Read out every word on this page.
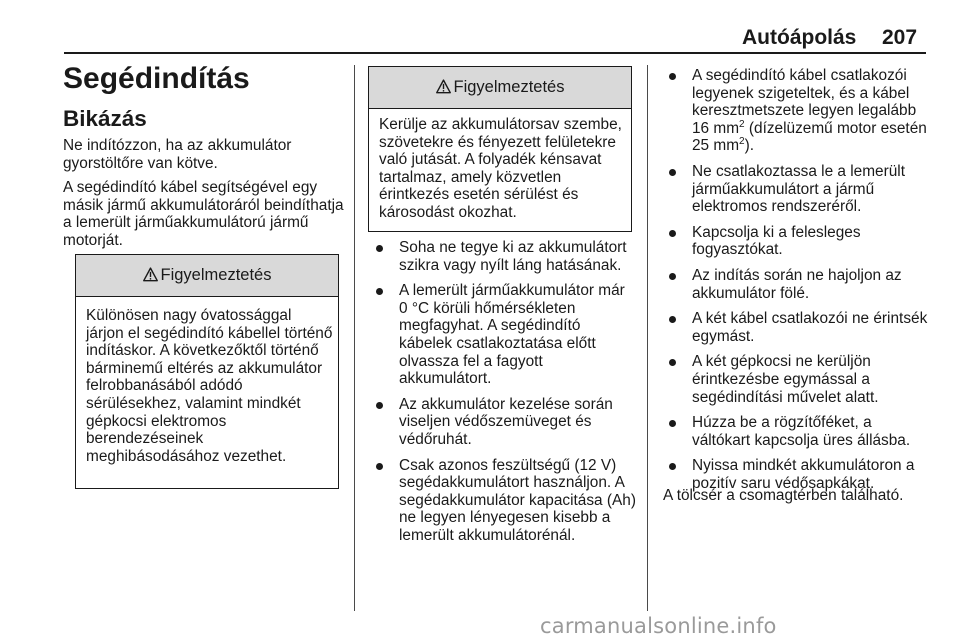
Autóápolás 207
Segédindítás
Bikázás

Ne indítózzon, ha az akkumulátor gyorstöltőre van kötve.

A segédindító kábel segítségével egy másik jármű akkumulátoráról beindíthatja a lemerült járműakkumulátorú jármű motorját.

Figyelmeztetés

Különösen nagy óvatossággal járjon el segédindító kábellel történő indításkor. A következőktől történő bárminemű eltérés az akkumulátor felrobbanásából adódó sérülésekhez, valamint mindkét gépkocsi elektromos berendezéseinek meghibásodásához vezethet.

Figyelmeztetés

Kerülje az akkumulátorsav szembe, szövetekre és fényezett felületekre való jutását. A folyadék kénsavat tartalmaz, amely közvetlen érintkezés esetén sérülést és károsodást okozhat.

Soha ne tegye ki az akkumulátort szikra vagy nyílt láng hatásának.
A lemerült járműakkumulátor már 0 °C körüli hőmérsékleten megfagyhat. A segédindító kábelek csatlakoztatása előtt olvassza fel a fagyott akkumulátort.
Az akkumulátor kezelése során viseljen védőszemüveget és védőruhát.
Csak azonos feszültségű (12 V) segédakkumulátort használjon. A segédakkumulátor kapacitása (Ah) ne legyen lényegesen kisebb a lemerült akkumulátorénál.
A segédindító kábel csatlakozói legyenek szigeteltek, és a kábel keresztmetszete legyen legalább 16 $mm^2$ (dízelüzemű motor esetén 25 $mm^2$).
Ne csatlakoztassa le a lemerült járműakkumulátort a jármű elektromos rendszeréről.
Kapcsolja ki a felesleges fogyasztókat.
Az indítás során ne hajoljon az akkumulátor fölé.
A két kábel csatlakozói ne érintsék egymást.
A két gépkocsi ne kerüljön érintkezésbe egymással a segédindítási művelet alatt.
Húzza be a rögzítőféket, a váltókart kapcsolja üres állásba.
Nyissa mindkét akkumulátoron a pozitív saru védősapkákat.

A tölcsér a csomagtérben található.

carmanualsonline.info
